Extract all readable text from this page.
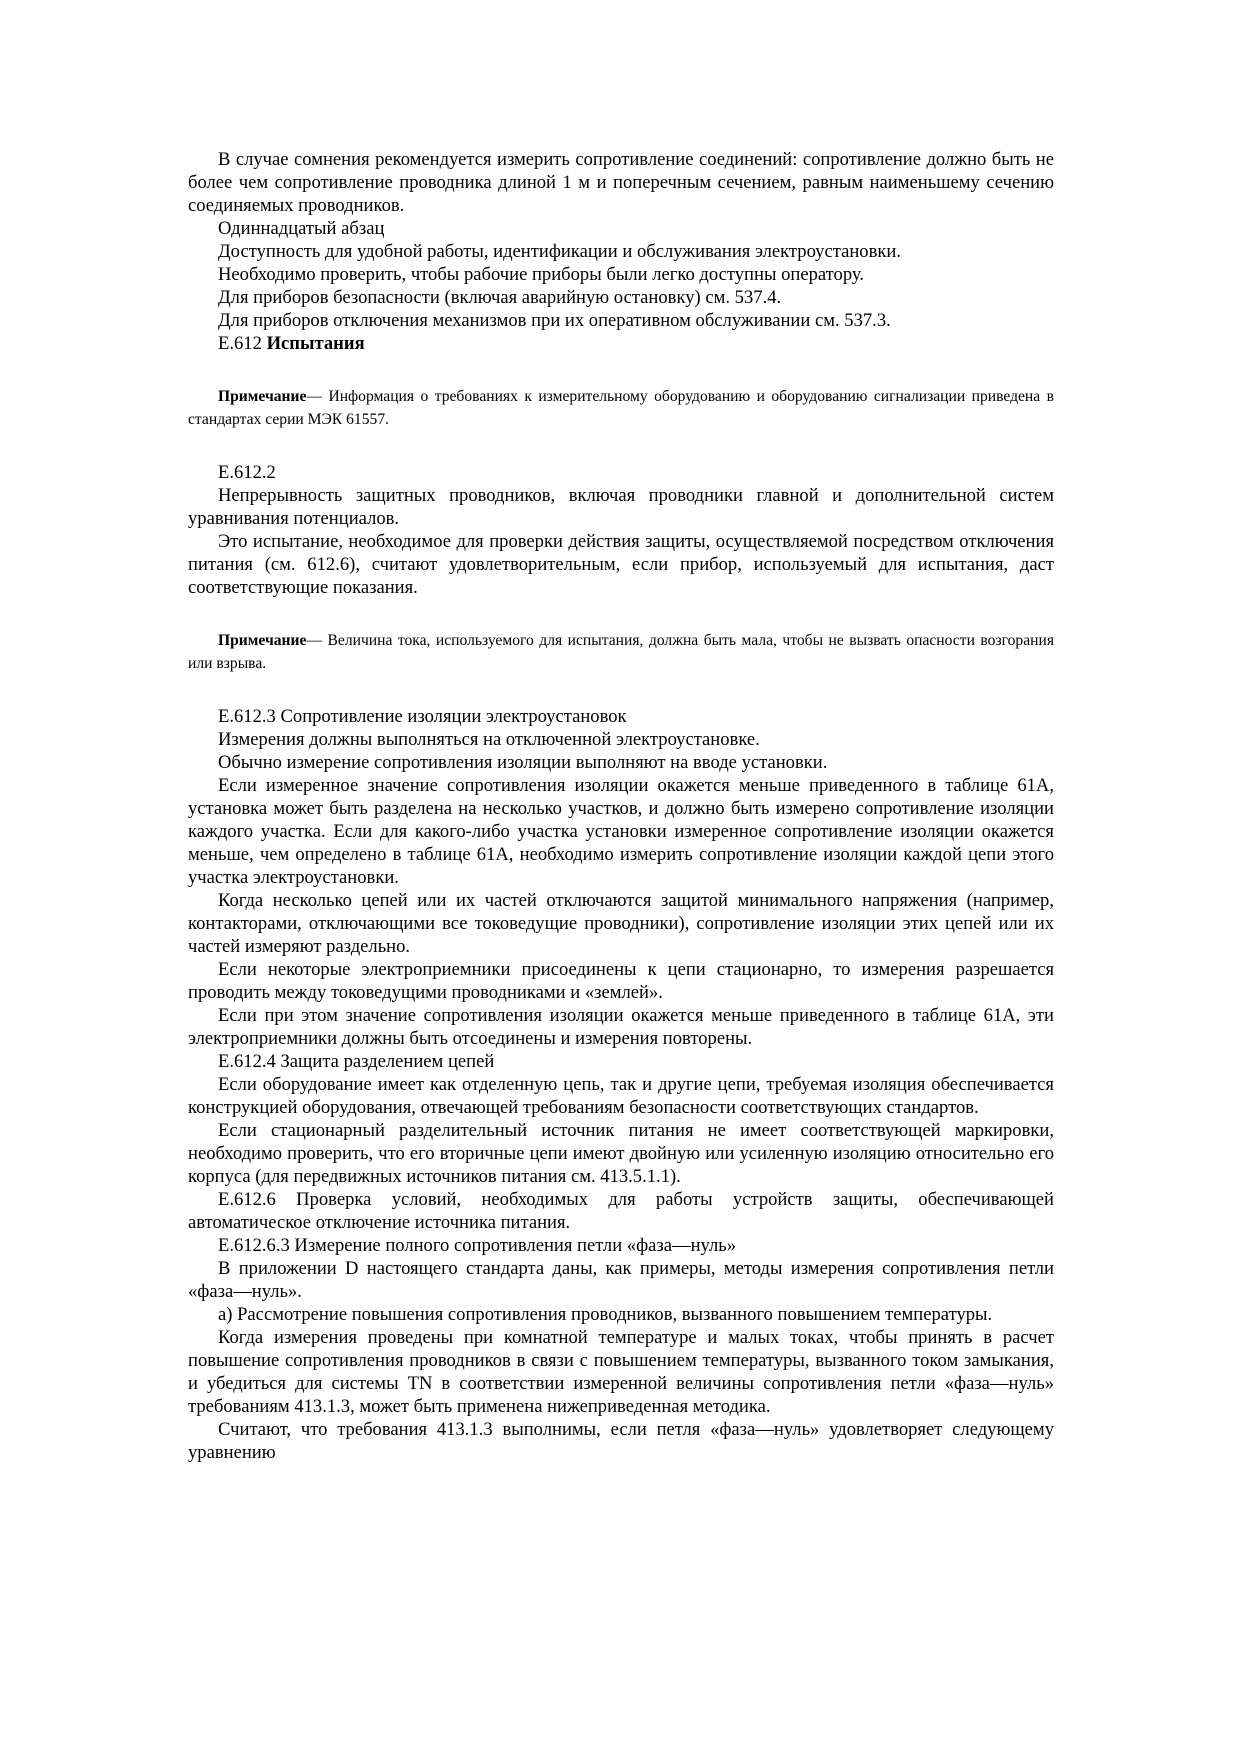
В случае сомнения рекомендуется измерить сопротивление соединений: сопротивление должно быть не более чем сопротивление проводника длиной 1 м и поперечным сечением, равным наименьшему сечению соединяемых проводников.

Одиннадцатый абзац

Доступность для удобной работы, идентификации и обслуживания электроустановки.

Необходимо проверить, чтобы рабочие приборы были легко доступны оператору.

Для приборов безопасности (включая аварийную остановку) см. 537.4.

Для приборов отключения механизмов при их оперативном обслуживании см. 537.3.

Е.612 Испытания

Примечание— Информация о требованиях к измерительному оборудованию и оборудованию сигнализации приведена в стандартах серии МЭК 61557.

Е.612.2

Непрерывность защитных проводников, включая проводники главной и дополнительной систем уравнивания потенциалов.

Это испытание, необходимое для проверки действия защиты, осуществляемой посредством отключения питания (см. 612.6), считают удовлетворительным, если прибор, используемый для испытания, даст соответствующие показания.

Примечание— Величина тока, используемого для испытания, должна быть мала, чтобы не вызвать опасности возгорания или взрыва.

Е.612.3 Сопротивление изоляции электроустановок

Измерения должны выполняться на отключенной электроустановке.

Обычно измерение сопротивления изоляции выполняют на вводе установки.

Если измеренное значение сопротивления изоляции окажется меньше приведенного в таблице 61А, установка может быть разделена на несколько участков, и должно быть измерено сопротивление изоляции каждого участка. Если для какого-либо участка установки измеренное сопротивление изоляции окажется меньше, чем определено в таблице 61А, необходимо измерить сопротивление изоляции каждой цепи этого участка электроустановки.

Когда несколько цепей или их частей отключаются защитой минимального напряжения (например, контакторами, отключающими все токоведущие проводники), сопротивление изоляции этих цепей или их частей измеряют раздельно.

Если некоторые электроприемники присоединены к цепи стационарно, то измерения разрешается проводить между токоведущими проводниками и «землей».

Если при этом значение сопротивления изоляции окажется меньше приведенного в таблице 61А, эти электроприемники должны быть отсоединены и измерения повторены.

Е.612.4 Защита разделением цепей

Если оборудование имеет как отделенную цепь, так и другие цепи, требуемая изоляция обеспечивается конструкцией оборудования, отвечающей требованиям безопасности соответствующих стандартов.

Если стационарный разделительный источник питания не имеет соответствующей маркировки, необходимо проверить, что его вторичные цепи имеют двойную или усиленную изоляцию относительно его корпуса (для передвижных источников питания см. 413.5.1.1).

Е.612.6 Проверка условий, необходимых для работы устройств защиты, обеспечивающей автоматическое отключение источника питания.

Е.612.6.3 Измерение полного сопротивления петли «фаза—нуль»

В приложении D настоящего стандарта даны, как примеры, методы измерения сопротивления петли «фаза—нуль».

а) Рассмотрение повышения сопротивления проводников, вызванного повышением температуры.

Когда измерения проведены при комнатной температуре и малых токах, чтобы принять в расчет повышение сопротивления проводников в связи с повышением температуры, вызванного током замыкания, и убедиться для системы TN в соответствии измеренной величины сопротивления петли «фаза—нуль» требованиям 413.1.3, может быть применена нижеприведенная методика.

Считают, что требования 413.1.3 выполнимы, если петля «фаза—нуль» удовлетворяет следующему уравнению
